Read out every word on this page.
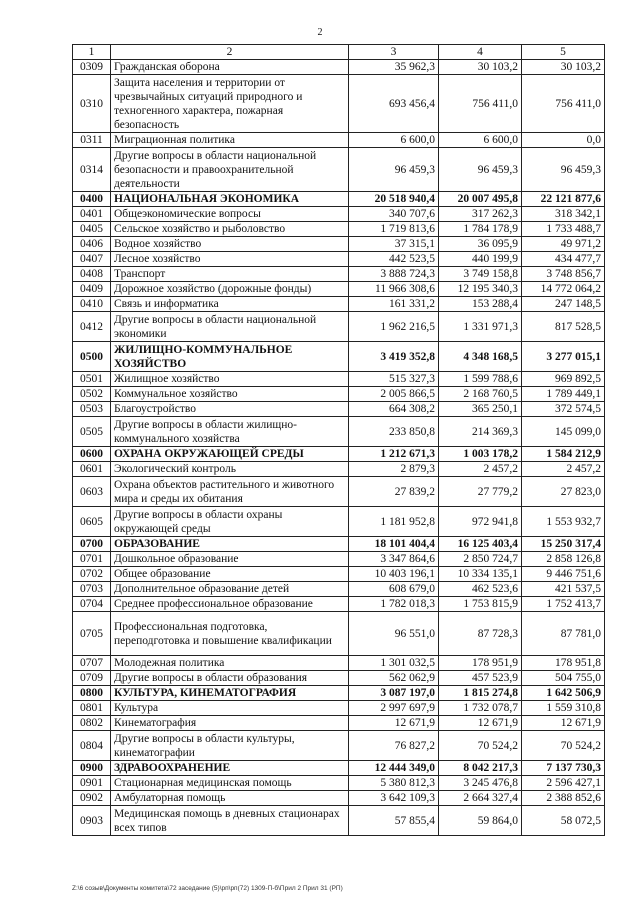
2
1	2	3	4	5
0309	Гражданская оборона	35 962,3	30 103,2	30 103,2
0310	Защита населения и территории от чрезвычайных ситуаций природного и техногенного характера, пожарная безопасность	693 456,4	756 411,0	756 411,0
0311	Миграционная политика	6 600,0	6 600,0	0,0
0314	Другие вопросы в области национальной безопасности и правоохранительной деятельности	96 459,3	96 459,3	96 459,3
0400	НАЦИОНАЛЬНАЯ ЭКОНОМИКА	20 518 940,4	20 007 495,8	22 121 877,6
0401	Общеэкономические вопросы	340 707,6	317 262,3	318 342,1
0405	Сельское хозяйство и рыболовство	1 719 813,6	1 784 178,9	1 733 488,7
0406	Водное хозяйство	37 315,1	36 095,9	49 971,2
0407	Лесное хозяйство	442 523,5	440 199,9	434 477,7
0408	Транспорт	3 888 724,3	3 749 158,8	3 748 856,7
0409	Дорожное хозяйство (дорожные фонды)	11 966 308,6	12 195 340,3	14 772 064,2
0410	Связь и информатика	161 331,2	153 288,4	247 148,5
0412	Другие вопросы в области национальной экономики	1 962 216,5	1 331 971,3	817 528,5
0500	ЖИЛИЩНО-КОММУНАЛЬНОЕ ХОЗЯЙСТВО	3 419 352,8	4 348 168,5	3 277 015,1
0501	Жилищное хозяйство	515 327,3	1 599 788,6	969 892,5
0502	Коммунальное хозяйство	2 005 866,5	2 168 760,5	1 789 449,1
0503	Благоустройство	664 308,2	365 250,1	372 574,5
0505	Другие вопросы в области жилищно-коммунального хозяйства	233 850,8	214 369,3	145 099,0
0600	ОХРАНА ОКРУЖАЮЩЕЙ СРЕДЫ	1 212 671,3	1 003 178,2	1 584 212,9
0601	Экологический контроль	2 879,3	2 457,2	2 457,2
0603	Охрана объектов растительного и животного мира и среды их обитания	27 839,2	27 779,2	27 823,0
0605	Другие вопросы в области охраны окружающей среды	1 181 952,8	972 941,8	1 553 932,7
0700	ОБРАЗОВАНИЕ	18 101 404,4	16 125 403,4	15 250 317,4
0701	Дошкольное образование	3 347 864,6	2 850 724,7	2 858 126,8
0702	Общее образование	10 403 196,1	10 334 135,1	9 446 751,6
0703	Дополнительное образование детей	608 679,0	462 523,6	421 537,5
0704	Среднее профессиональное образование	1 782 018,3	1 753 815,9	1 752 413,7
0705	Профессиональная подготовка, переподготовка и повышение квалификации	96 551,0	87 728,3	87 781,0
0707	Молодежная политика	1 301 032,5	178 951,9	178 951,8
0709	Другие вопросы в области образования	562 062,9	457 523,9	504 755,0
0800	КУЛЬТУРА, КИНЕМАТОГРАФИЯ	3 087 197,0	1 815 274,8	1 642 506,9
0801	Культура	2 997 697,9	1 732 078,7	1 559 310,8
0802	Кинематография	12 671,9	12 671,9	12 671,9
0804	Другие вопросы в области культуры, кинематографии	76 827,2	70 524,2	70 524,2
0900	ЗДРАВООХРАНЕНИЕ	12 444 349,0	8 042 217,3	7 137 730,3
0901	Стационарная медицинская помощь	5 380 812,3	3 245 476,8	2 596 427,1
0902	Амбулаторная помощь	3 642 109,3	2 664 327,4	2 388 852,6
0903	Медицинская помощь в дневных стационарах всех типов	57 855,4	59 864,0	58 072,5
Z:\6 созыв\Документы комитета\72 заседание (5)\рп\рп(72) 1309-П-б\Прил 2 Прил 31 (РП)
